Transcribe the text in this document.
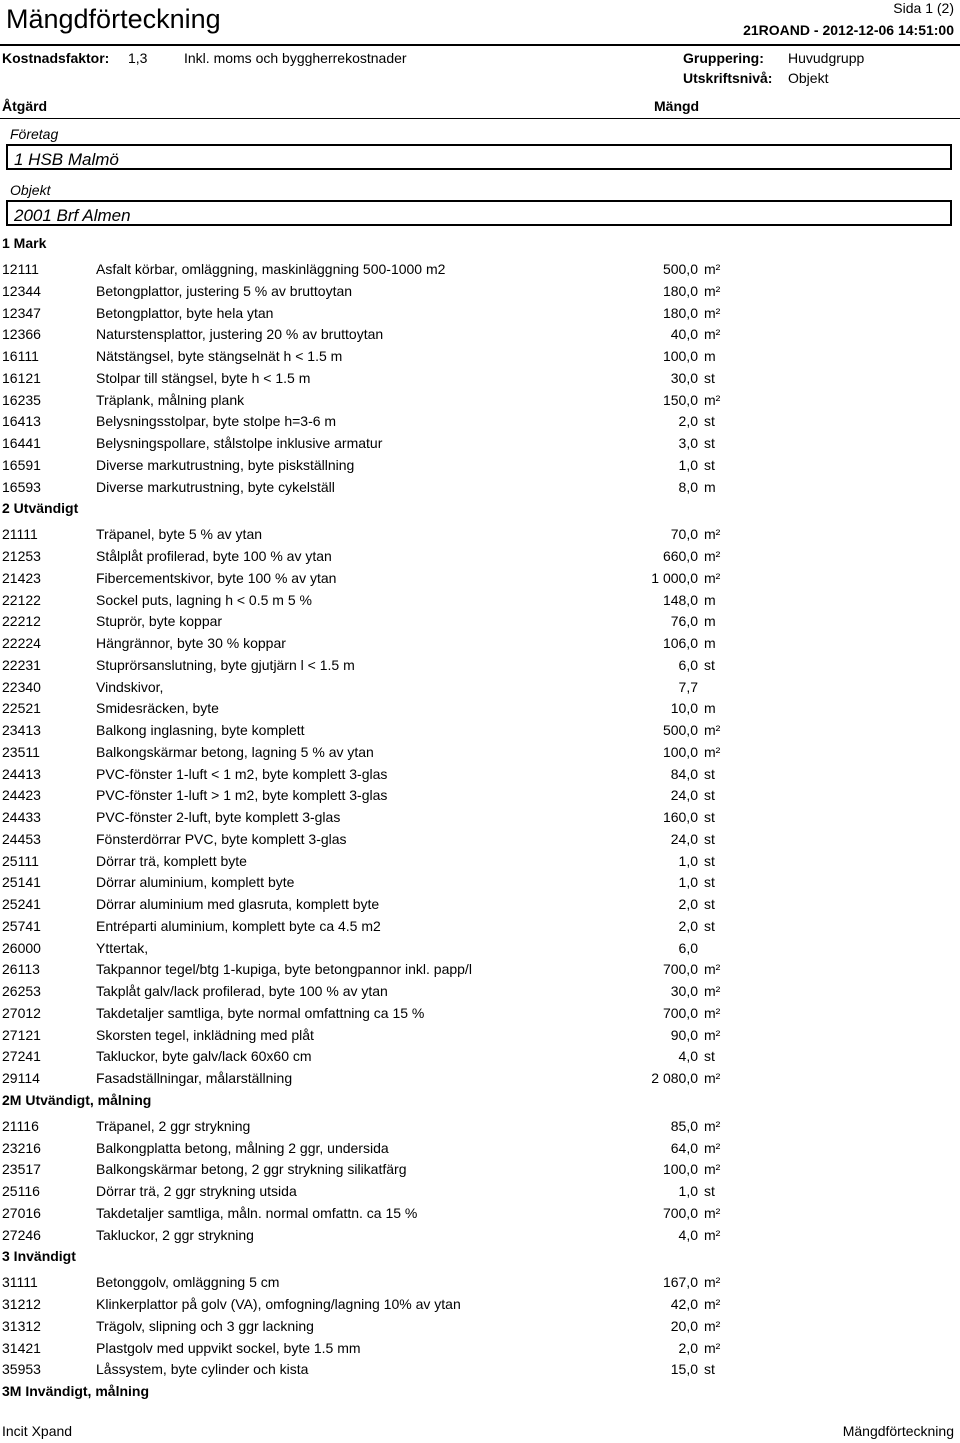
Mängdförteckning	Sida 1 (2)
21ROAND - 2012-12-06 14:51:00
Kostnadsfaktor: 1,3	Inkl. moms och byggherrekostnader	Gruppering: Huvudgrupp
Utskriftsnivå: Objekt
Åtgärd	Mängd
Företag
1 HSB Malmö
Objekt
2001 Brf Almen
1 Mark
12111	Asfalt körbar, omläggning, maskinläggning 500-1000 m2	500,0 m²
12344	Betongplattor, justering 5 % av bruttoytan	180,0 m²
12347	Betongplattor, byte hela ytan	180,0 m²
12366	Naturstensplattor, justering 20 % av bruttoytan	40,0 m²
16111	Nätstängsel, byte stängselnät h < 1.5 m	100,0 m
16121	Stolpar till stängsel, byte h < 1.5 m	30,0 st
16235	Träplank, målning plank	150,0 m²
16413	Belysningsstolpar, byte stolpe h=3-6 m	2,0 st
16441	Belysningspollare, stålstolpe inklusive armatur	3,0 st
16591	Diverse markutrustning, byte piskställning	1,0 st
16593	Diverse markutrustning, byte cykelställ	8,0 m
2 Utvändigt
21111	Träpanel, byte 5 % av ytan	70,0 m²
21253	Stålplåt profilerad, byte 100 % av ytan	660,0 m²
21423	Fibercementskivor, byte 100 % av ytan	1 000,0 m²
22122	Sockel puts, lagning h < 0.5 m 5 %	148,0 m
22212	Stuprör, byte koppar	76,0 m
22224	Hängrännor, byte 30 % koppar	106,0 m
22231	Stuprörsanslutning, byte gjutjärn l < 1.5 m	6,0 st
22340	Vindskivor,	7,7
22521	Smidesräcken, byte	10,0 m
23413	Balkong inglasning, byte komplett	500,0 m²
23511	Balkongskärmar betong, lagning 5 % av ytan	100,0 m²
24413	PVC-fönster 1-luft < 1 m2, byte komplett 3-glas	84,0 st
24423	PVC-fönster 1-luft > 1 m2, byte komplett 3-glas	24,0 st
24433	PVC-fönster 2-luft, byte komplett 3-glas	160,0 st
24453	Fönsterdörrar PVC, byte komplett 3-glas	24,0 st
25111	Dörrar trä, komplett byte	1,0 st
25141	Dörrar aluminium, komplett byte	1,0 st
25241	Dörrar aluminium med glasruta, komplett byte	2,0 st
25741	Entréparti aluminium, komplett byte ca 4.5 m2	2,0 st
26000	Yttertak,	6,0
26113	Takpannor tegel/btg 1-kupiga, byte betongpannor inkl. papp/l	700,0 m²
26253	Takplåt galv/lack profilerad, byte 100 % av ytan	30,0 m²
27012	Takdetaljer samtliga, byte normal omfattning ca 15 %	700,0 m²
27121	Skorsten tegel, inklädning med plåt	90,0 m²
27241	Takluckor, byte galv/lack 60x60 cm	4,0 st
29114	Fasadställningar, målarställning	2 080,0 m²
2M Utvändigt, målning
21116	Träpanel, 2 ggr strykning	85,0 m²
23216	Balkongplatta betong, målning 2 ggr, undersida	64,0 m²
23517	Balkongskärmar betong, 2 ggr strykning silikatfärg	100,0 m²
25116	Dörrar trä, 2 ggr strykning utsida	1,0 st
27016	Takdetaljer samtliga, måln. normal omfattn. ca 15 %	700,0 m²
27246	Takluckor, 2 ggr strykning	4,0 m²
3 Invändigt
31111	Betonggolv, omläggning 5 cm	167,0 m²
31212	Klinkerplattor på golv (VA), omfogning/lagning 10% av ytan	42,0 m²
31312	Trägolv, slipning och 3 ggr lackning	20,0 m²
31421	Plastgolv med uppvikt sockel, byte 1.5 mm	2,0 m²
35953	Låssystem, byte cylinder och kista	15,0 st
3M Invändigt, målning
Incit Xpand	Mängdförteckning
